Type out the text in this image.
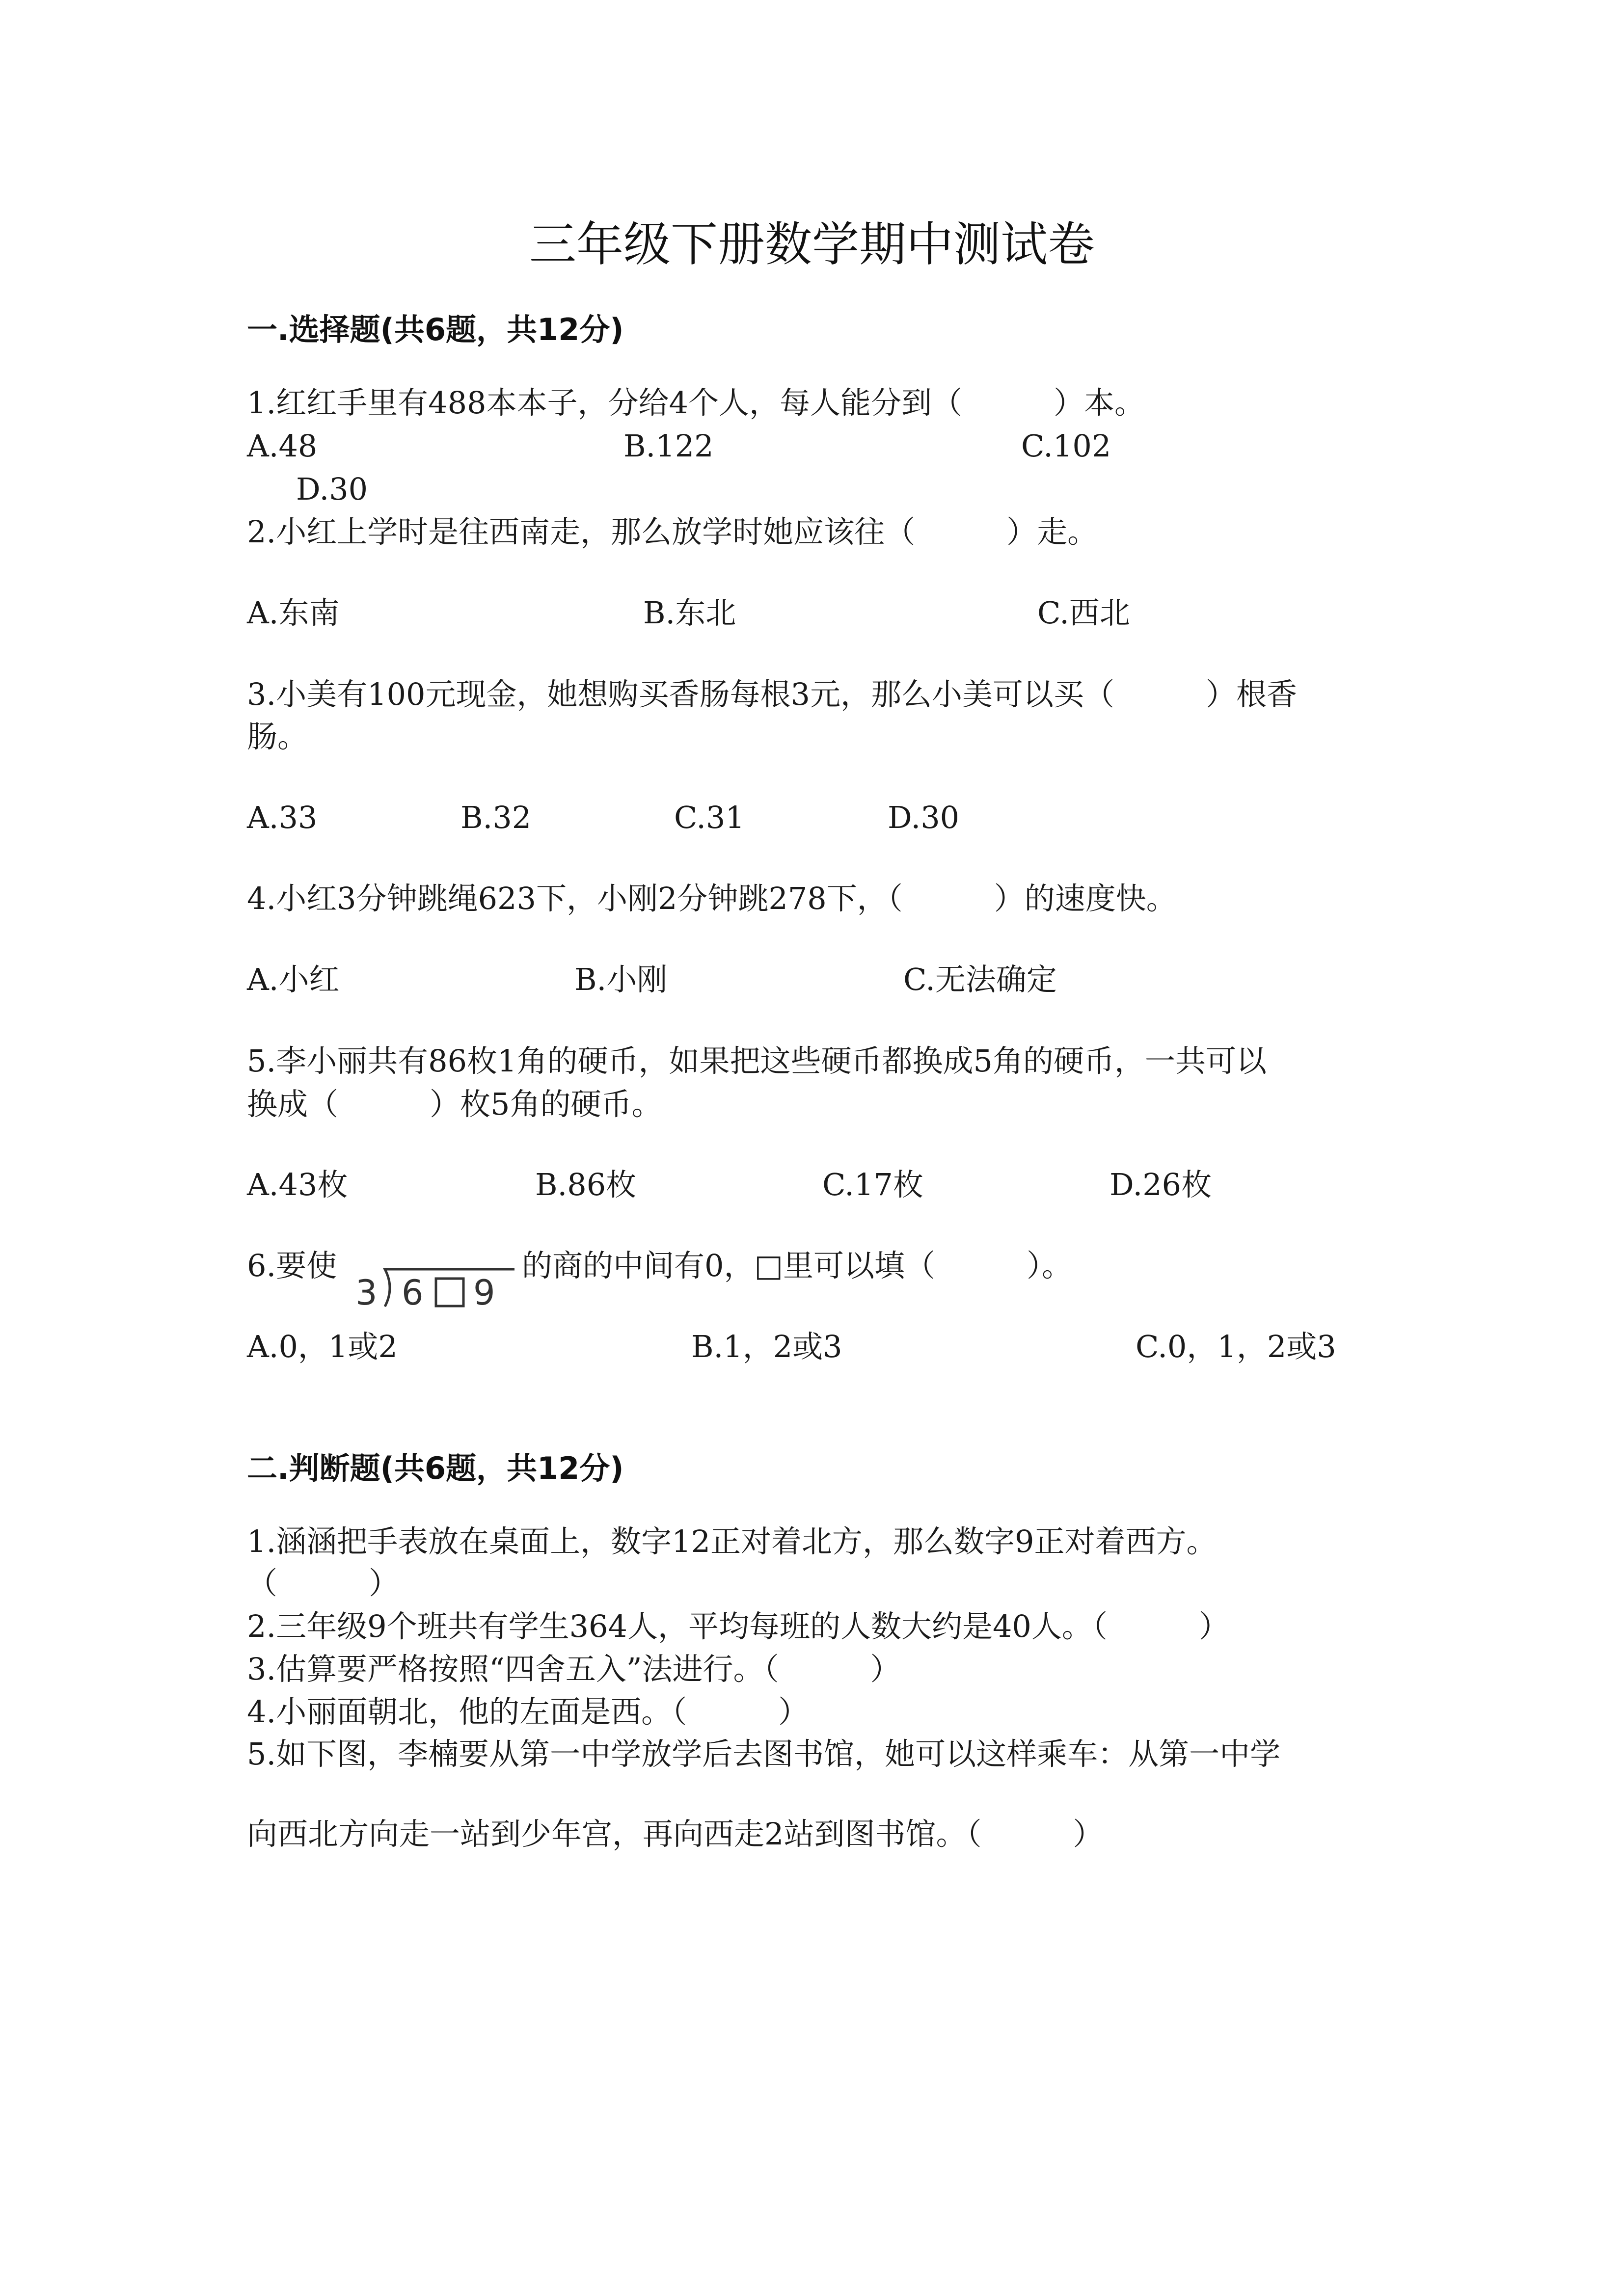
三年级下册数学期中测试卷
一.选择题(共6题，共12分)
1.红红手里有488本本子，分给4个人，每人能分到（　　　）本。
A.48	B.122	C.102
D.30
2.小红上学时是往西南走，那么放学时她应该往（　　　）走。
A.东南	B.东北	C.西北
3.小美有100元现金，她想购买香肠每根3元，那么小美可以买（　　　）根香
肠。
A.33	B.32	C.31	D.30
4.小红3分钟跳绳623下，小刚2分钟跳278下，（　　　）的速度快。
A.小红	B.小刚	C.无法确定
5.李小丽共有86枚1角的硬币，如果把这些硬币都换成5角的硬币，一共可以
换成（　　　）枚5角的硬币。
A.43枚	B.86枚	C.17枚	D.26枚
6.要使
3 6 9
的商的中间有0，□里可以填（　　　）。
A.0，1或2	B.1，2或3	C.0，1，2或3
二.判断题(共6题，共12分)
1.涵涵把手表放在桌面上，数字12正对着北方，那么数字9正对着西方。
（　　　）
2.三年级9个班共有学生364人，平均每班的人数大约是40人。（　　　）
3.估算要严格按照“四舍五入”法进行。（　　　）
4.小丽面朝北，他的左面是西。（　　　）
5.如下图，李楠要从第一中学放学后去图书馆，她可以这样乘车：从第一中学
向西北方向走一站到少年宫，再向西走2站到图书馆。（　　　）
